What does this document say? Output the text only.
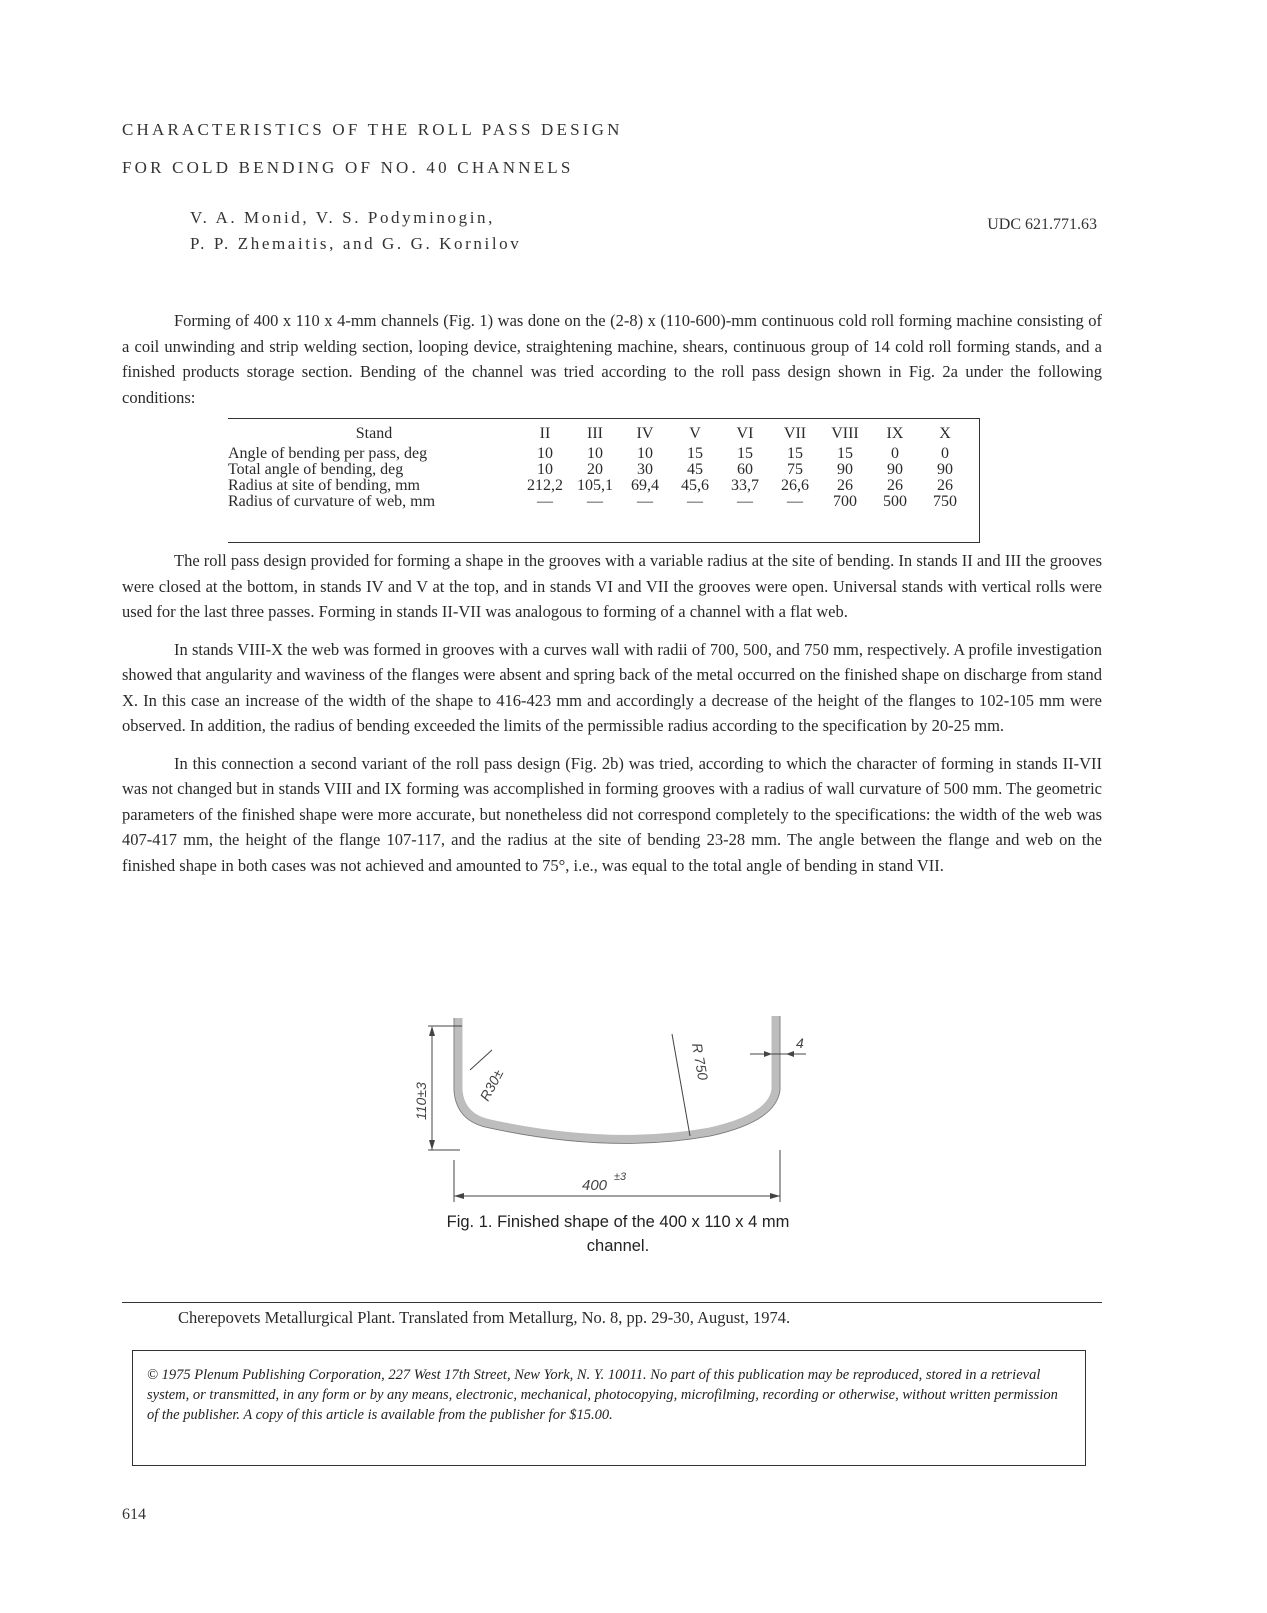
CHARACTERISTICS OF THE ROLL PASS DESIGN
FOR COLD BENDING OF NO. 40 CHANNELS
V. A. Monid, V. S. Podyminogin,
P. P. Zhemaitis, and G. G. Kornilov
UDC 621.771.63

Forming of 400 x 110 x 4-mm channels (Fig. 1) was done on the (2-8) x (110-600)-mm continuous cold roll forming machine consisting of a coil unwinding and strip welding section, looping device, straightening machine, shears, continuous group of 14 cold roll forming stands, and a finished products storage section. Bending of the channel was tried according to the roll pass design shown in Fig. 2a under the following conditions:

Stand	II	III	IV	V	VI	VII	VIII	IX	X

Angle of bending per pass, deg	10	10	10	15	15	15	15	0	0
Total angle of bending, deg	10	20	30	45	60	75	90	90	90
Radius at site of bending, mm	212,2	105,1	69,4	45,6	33,7	26,6	26	26	26
Radius of curvature of web, mm	—	—	—	—	—	—	700	500	750

The roll pass design provided for forming a shape in the grooves with a variable radius at the site of bending. In stands II and III the grooves were closed at the bottom, in stands IV and V at the top, and in stands VI and VII the grooves were open. Universal stands with vertical rolls were used for the last three passes. Forming in stands II-VII was analogous to forming of a channel with a flat web.

In stands VIII-X the web was formed in grooves with a curves wall with radii of 700, 500, and 750 mm, respectively. A profile investigation showed that angularity and waviness of the flanges were absent and spring back of the metal occurred on the finished shape on discharge from stand X. In this case an increase of the width of the shape to 416-423 mm and accordingly a decrease of the height of the flanges to 102-105 mm were observed. In addition, the radius of bending exceeded the limits of the permissible radius according to the specification by 20-25 mm.

In this connection a second variant of the roll pass design (Fig. 2b) was tried, according to which the character of forming in stands II-VII was not changed but in stands VIII and IX forming was accomplished in forming grooves with a radius of wall curvature of 500 mm. The geometric parameters of the finished shape were more accurate, but nonetheless did not correspond completely to the specifications: the width of the web was 407-417 mm, the height of the flange 107-117, and the radius at the site of bending 23-28 mm. The angle between the flange and web on the finished shape in both cases was not achieved and amounted to 75°, i.e., was equal to the total angle of bending in stand VII.

110±3	R30±
R 750	4
400 ±3
Fig. 1. Finished shape of the 400 x 110 x 4 mm
channel.
Cherepovets Metallurgical Plant. Translated from Metallurg, No. 8, pp. 29-30, August, 1974.
© 1975 Plenum Publishing Corporation, 227 West 17th Street, New York, N. Y. 10011. No part of this publication may be reproduced, stored in a retrieval system, or transmitted, in any form or by any means, electronic, mechanical, photocopying, microfilming, recording or otherwise, without written permission of the publisher. A copy of this article is available from the publisher for $15.00.
614
